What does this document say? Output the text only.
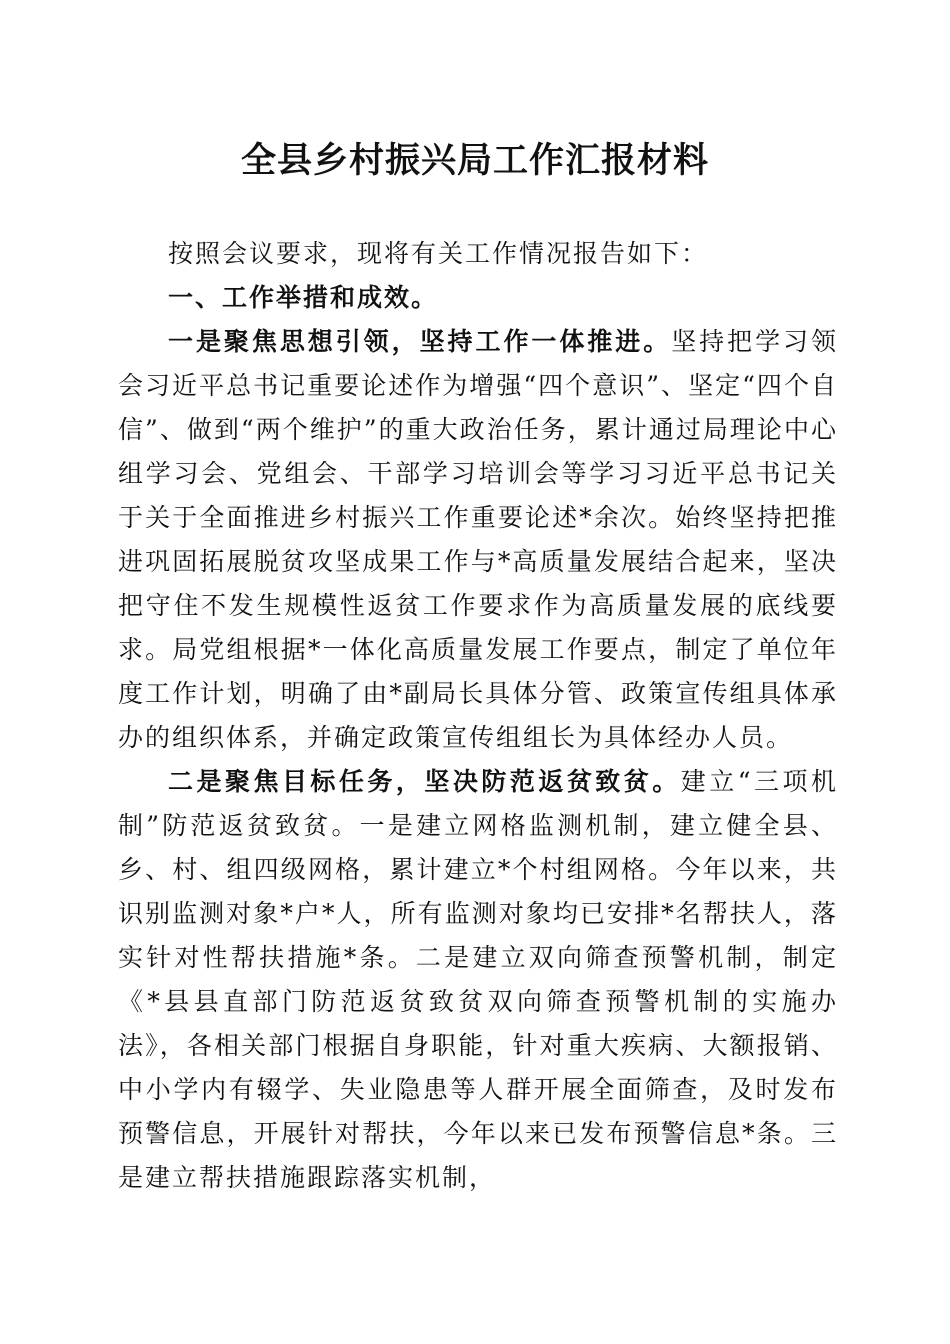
全县乡村振兴局工作汇报材料

按照会议要求，现将有关工作情况报告如下：

一、工作举措和成效。

一是聚焦思想引领，坚持工作一体推进。坚持把学习领会习近平总书记重要论述作为增强“四个意识”、坚定“四个自信”、做到“两个维护”的重大政治任务，累计通过局理论中心组学习会、党组会、干部学习培训会等学习习近平总书记关于关于全面推进乡村振兴工作重要论述*余次。始终坚持把推进巩固拓展脱贫攻坚成果工作与*高质量发展结合起来，坚决把守住不发生规模性返贫工作要求作为高质量发展的底线要求。局党组根据*一体化高质量发展工作要点，制定了单位年度工作计划，明确了由*副局长具体分管、政策宣传组具体承办的组织体系，并确定政策宣传组组长为具体经办人员。

二是聚焦目标任务，坚决防范返贫致贫。建立“三项机制”防范返贫致贫。一是建立网格监测机制，建立健全县、乡、村、组四级网格，累计建立*个村组网格。今年以来，共识别监测对象*户*人，所有监测对象均已安排*名帮扶人，落实针对性帮扶措施*条。二是建立双向筛查预警机制，制定《*县县直部门防范返贫致贫双向筛查预警机制的实施办法》，各相关部门根据自身职能，针对重大疾病、大额报销、中小学内有辍学、失业隐患等人群开展全面筛查，及时发布预警信息，开展针对帮扶，今年以来已发布预警信息*条。三是建立帮扶措施跟踪落实机制，
